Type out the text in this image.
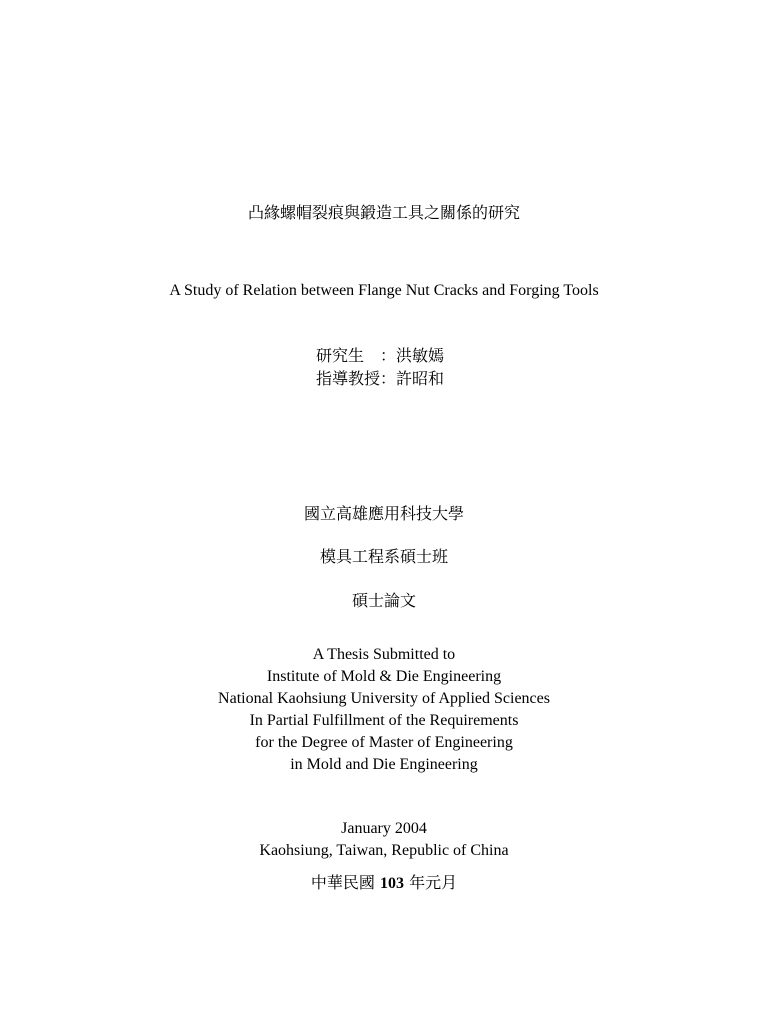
凸緣螺帽裂痕與鍛造工具之關係的研究
A Study of Relation between Flange Nut Cracks and Forging Tools
研究生 ：洪敏嫣
指導教授：許昭和
國立高雄應用科技大學
模具工程系碩士班
碩士論文
A Thesis Submitted to
Institute of Mold & Die Engineering
National Kaohsiung University of Applied Sciences
In Partial Fulfillment of the Requirements
for the Degree of Master of Engineering
in Mold and Die Engineering
January 2004
Kaohsiung, Taiwan, Republic of China
中華民國 103 年元月
